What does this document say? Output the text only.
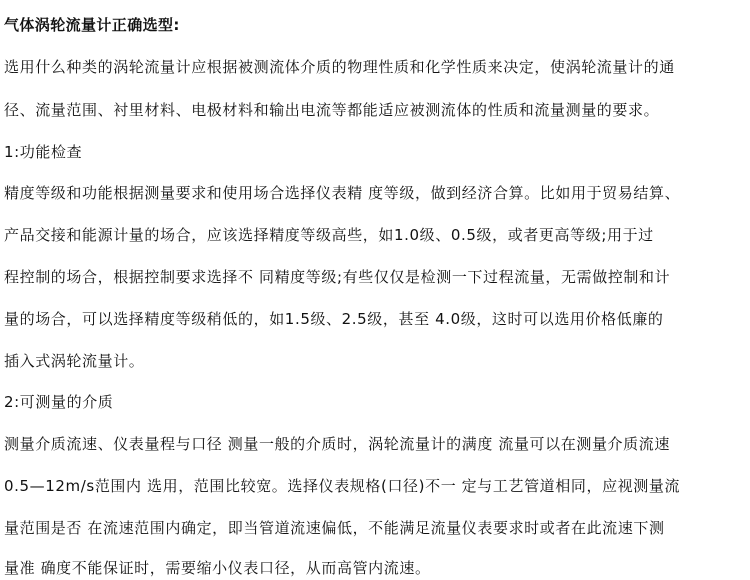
气体涡轮流量计正确选型:
选用什么种类的涡轮流量计应根据被测流体介质的物理性质和化学性质来决定，使涡轮流量计的通
径、流量范围、衬里材料、电极材料和输出电流等都能适应被测流体的性质和流量测量的要求。
1:功能检查
精度等级和功能根据测量要求和使用场合选择仪表精 度等级，做到经济合算。比如用于贸易结算、
产品交接和能源计量的场合，应该选择精度等级高些，如1.0级、0.5级，或者更高等级;用于过
程控制的场合，根据控制要求选择不 同精度等级;有些仅仅是检测一下过程流量，无需做控制和计
量的场合，可以选择精度等级稍低的，如1.5级、2.5级，甚至 4.0级，这时可以选用价格低廉的
插入式涡轮流量计。
2:可测量的介质
测量介质流速、仪表量程与口径 测量一般的介质时，涡轮流量计的满度 流量可以在测量介质流速
0.5—12m/s范围内 选用，范围比较宽。选择仪表规格(口径)不一 定与工艺管道相同，应视测量流
量范围是否 在流速范围内确定，即当管道流速偏低，不能满足流量仪表要求时或者在此流速下测
量准 确度不能保证时，需要缩小仪表口径，从而高管内流速。
